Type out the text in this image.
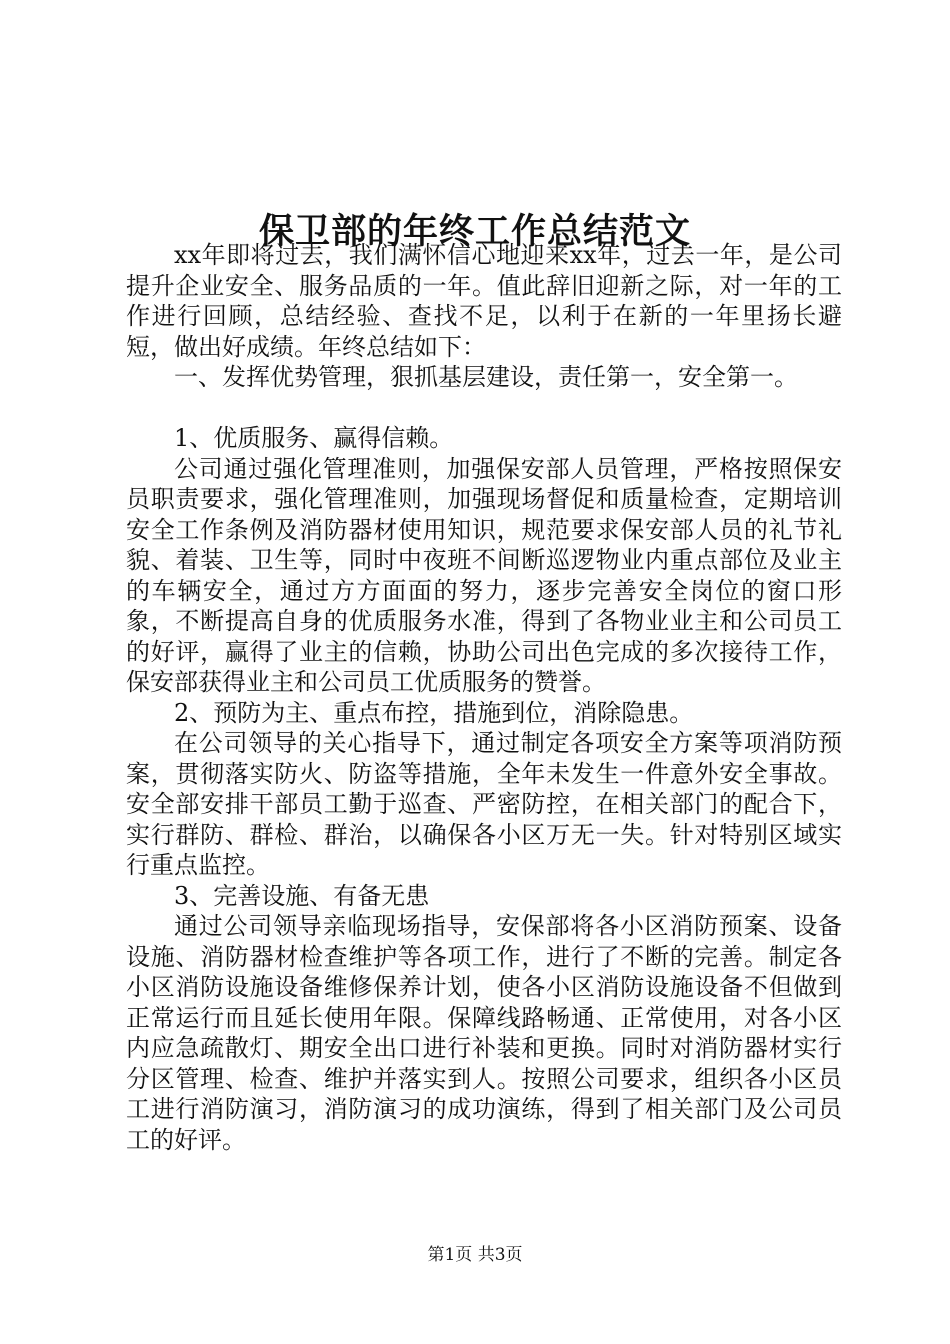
保卫部的年终工作总结范文

xx年即将过去，我们满怀信心地迎来xx年，过去一年，是公司提升企业安全、服务品质的一年。值此辞旧迎新之际，对一年的工作进行回顾，总结经验、查找不足，以利于在新的一年里扬长避短，做出好成绩。年终总结如下：

一、发挥优势管理，狠抓基层建设，责任第一，安全第一。

1、优质服务、赢得信赖。

公司通过强化管理准则，加强保安部人员管理，严格按照保安员职责要求，强化管理准则，加强现场督促和质量检查，定期培训安全工作条例及消防器材使用知识，规范要求保安部人员的礼节礼貌、着装、卫生等，同时中夜班不间断巡逻物业内重点部位及业主的车辆安全，通过方方面面的努力，逐步完善安全岗位的窗口形象，不断提高自身的优质服务水准，得到了各物业业主和公司员工的好评，赢得了业主的信赖，协助公司出色完成的多次接待工作，保安部获得业主和公司员工优质服务的赞誉。

2、预防为主、重点布控，措施到位，消除隐患。

在公司领导的关心指导下，通过制定各项安全方案等项消防预案，贯彻落实防火、防盗等措施，全年未发生一件意外安全事故。安全部安排干部员工勤于巡查、严密防控，在相关部门的配合下，实行群防、群检、群治，以确保各小区万无一失。针对特别区域实行重点监控。

3、完善设施、有备无患

通过公司领导亲临现场指导，安保部将各小区消防预案、设备设施、消防器材检查维护等各项工作，进行了不断的完善。制定各小区消防设施设备维修保养计划，使各小区消防设施设备不但做到正常运行而且延长使用年限。保障线路畅通、正常使用，对各小区内应急疏散灯、期安全出口进行补装和更换。同时对消防器材实行分区管理、检查、维护并落实到人。按照公司要求，组织各小区员工进行消防演习，消防演习的成功演练，得到了相关部门及公司员工的好评。

第1页 共3页
